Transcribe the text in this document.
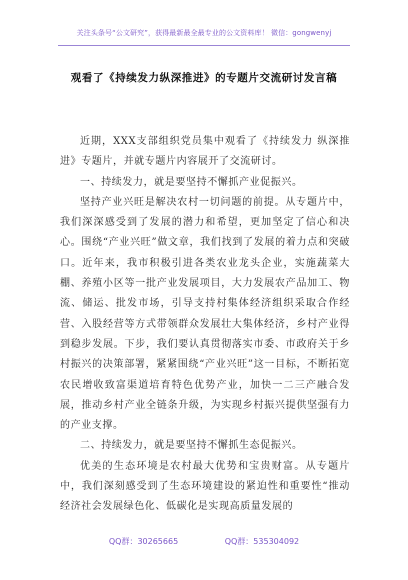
关注头条号“公文研究”，获得最新最全最专业的公文资料库！ 微信：gongwenyj
观看了《持续发力纵深推进》的专题片交流研讨发言稿

近期，XXX支部组织党员集中观看了《持续发力 纵深推进》专题片，并就专题片内容展开了交流研讨。

一、持续发力，就是要坚持不懈抓产业促振兴。

坚持产业兴旺是解决农村一切问题的前提。从专题片中，我们深深感受到了发展的潜力和希望，更加坚定了信心和决心。围绕“产业兴旺”做文章，我们找到了发展的着力点和突破口。近年来，我市积极引进各类农业龙头企业，实施蔬菜大棚、养殖小区等一批产业发展项目，大力发展农产品加工、物流、储运、批发市场，引导支持村集体经济组织采取合作经营、入股经营等方式带领群众发展壮大集体经济，乡村产业得到稳步发展。下步，我们要认真贯彻落实市委、市政府关于乡村振兴的决策部署，紧紧围绕“产业兴旺”这一目标，不断拓宽农民增收致富渠道培育特色优势产业，加快一二三产融合发展，推动乡村产业全链条升级，为实现乡村振兴提供坚强有力的产业支撑。

二、持续发力，就是要坚持不懈抓生态促振兴。

优美的生态环境是农村最大优势和宝贵财富。从专题片中，我们深刻感受到了生态环境建设的紧迫性和重要性“推动经济社会发展绿色化、低碳化是实现高质量发展的

QQ群：30265665	QQ群：535304092
